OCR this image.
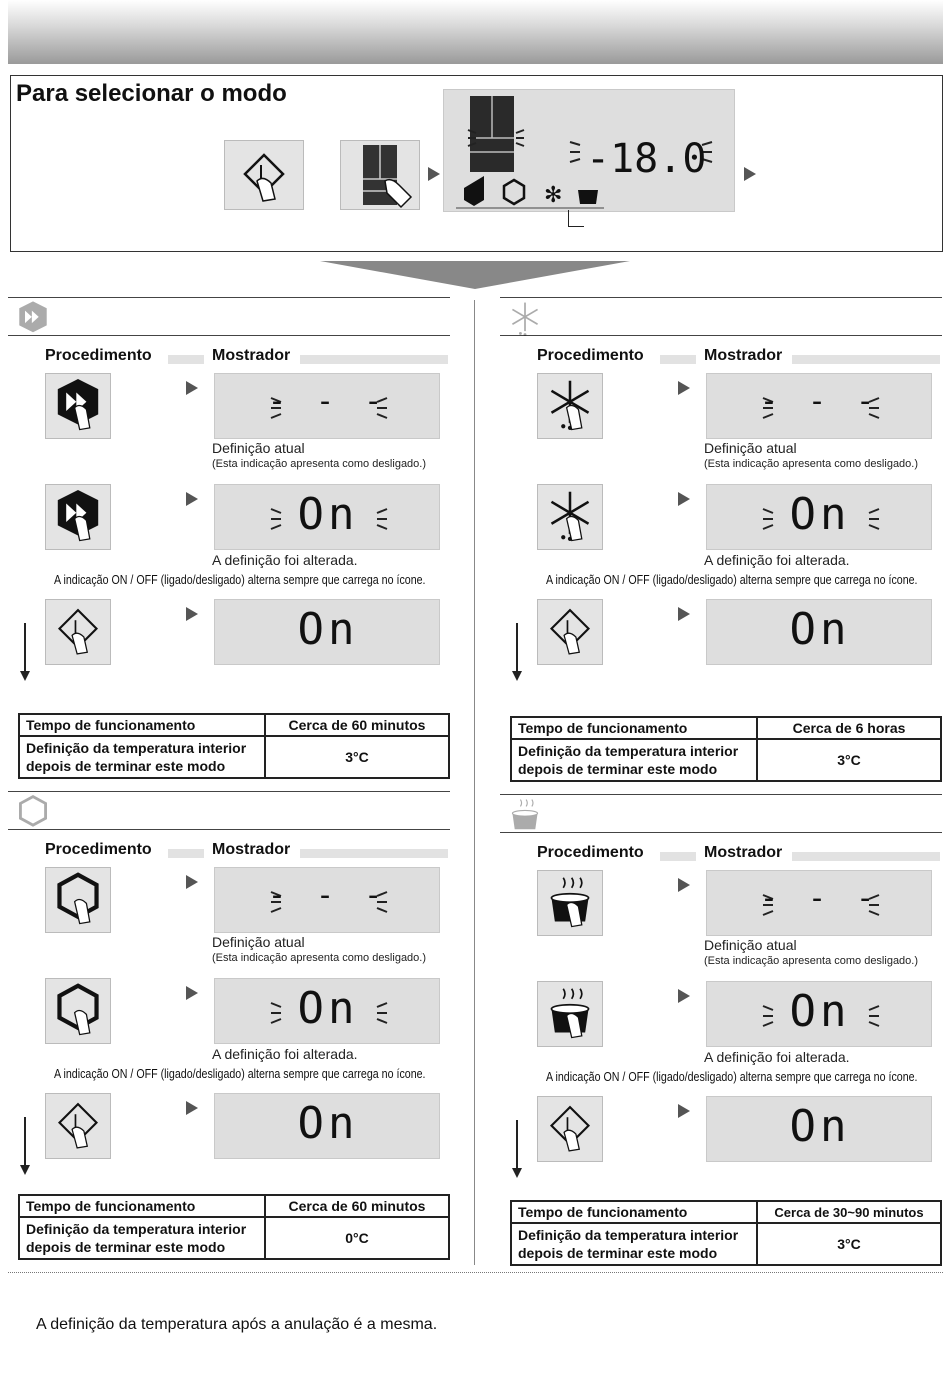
Para selecionar o modo
-18.0
✻
Procedimento	Mostrador
- - -
On
On
Definição atual
(Esta indicação apresenta como desligado.)
A definição foi alterada.
A indicação ON / OFF (ligado/desligado) alterna sempre que carrega no ícone.
Tempo de funcionamento	Cerca de 60 minutos

Definição da temperatura interior
depois de terminar este modo	3°C
Procedimento	Mostrador
- - -
On
On
Definição atual
(Esta indicação apresenta como desligado.)
A definição foi alterada.
A indicação ON / OFF (ligado/desligado) alterna sempre que carrega no ícone.
Tempo de funcionamento	Cerca de 6 horas

Definição da temperatura interior
depois de terminar este modo	3°C
Procedimento	Mostrador
- - -
On
On
Definição atual
(Esta indicação apresenta como desligado.)
A definição foi alterada.
A indicação ON / OFF (ligado/desligado) alterna sempre que carrega no ícone.
Tempo de funcionamento	Cerca de 60 minutos

Definição da temperatura interior
depois de terminar este modo	0°C
Procedimento	Mostrador
- - -
On
On
Definição atual
(Esta indicação apresenta como desligado.)
A definição foi alterada.
A indicação ON / OFF (ligado/desligado) alterna sempre que carrega no ícone.
Tempo de funcionamento	Cerca de 30~90 minutos

Definição da temperatura interior
depois de terminar este modo	3°C
A definição da temperatura após a anulação é a mesma.
